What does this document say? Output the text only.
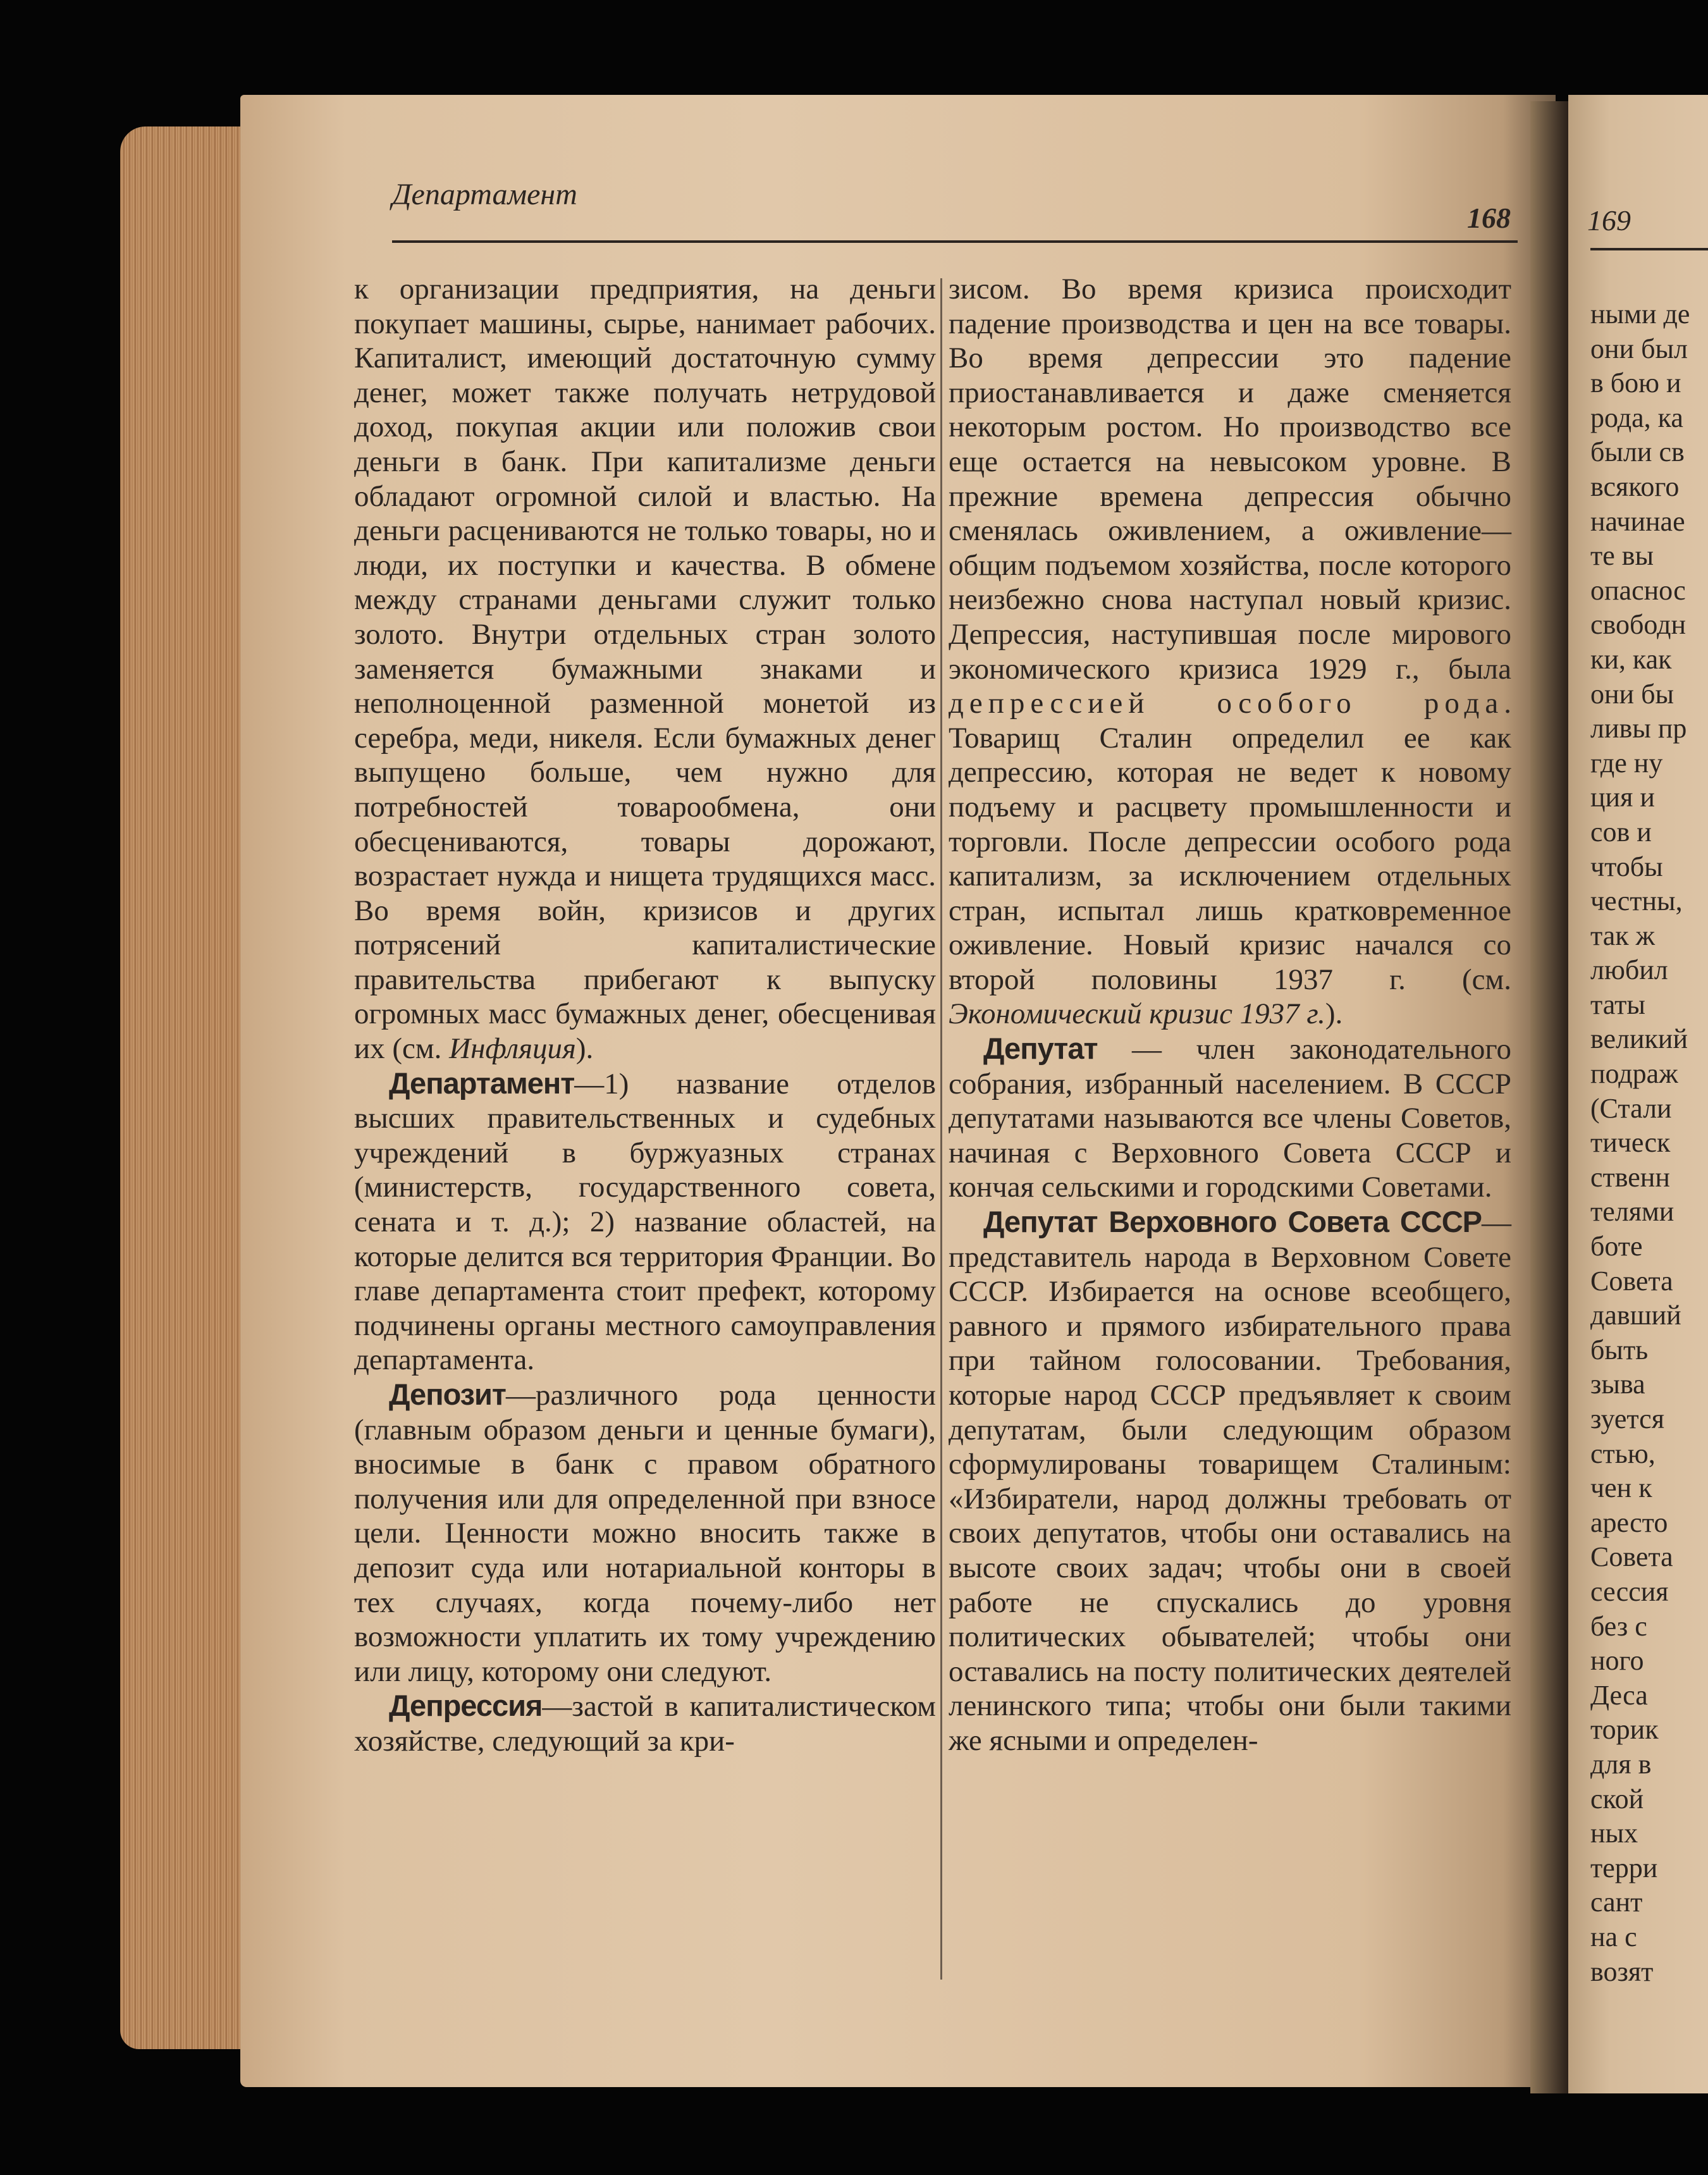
Департамент
168	169

к организации предприятия, на деньги покупает машины, сырье, нанимает рабочих. Капиталист, имеющий достаточную сумму денег, может также получать нетрудовой доход, покупая акции или положив свои деньги в банк. При капитализме деньги обладают огромной силой и властью. На деньги расцениваются не только товары, но и люди, их поступки и качества. В обмене между странами деньгами служит только золото. Внутри отдельных стран золото заменяется бумажными знаками и неполноценной разменной монетой из серебра, меди, никеля. Если бумажных денег выпущено больше, чем нужно для потребностей товарообмена, они обесцениваются, товары дорожают, возрастает нужда и нищета трудящихся масс. Во время войн, кризисов и других потрясений капиталистические правительства прибегают к выпуску огромных масс бумажных денег, обесценивая их (см. Инфляция).

Департамент—1) название отделов высших правительственных и судебных учреждений в буржуазных странах (министерств, государственного совета, сената и т. д.); 2) название областей, на которые делится вся территория Франции. Во главе департамента стоит префект, которому подчинены органы местного самоуправления департамента.

Депозит—различного рода ценности (главным образом деньги и ценные бумаги), вносимые в банк с правом обратного получения или для определенной при взносе цели. Ценности можно вносить также в депозит суда или нотариальной конторы в тех случаях, когда почему-либо нет возможности уплатить их тому учреждению или лицу, которому они следуют.

Депрессия—застой в капиталистическом хозяйстве, следующий за кри-

зисом. Во время кризиса происходит падение производства и цен на все товары. Во время депрессии это падение приостанавливается и даже сменяется некоторым ростом. Но производство все еще остается на невысоком уровне. В прежние времена депрессия обычно сменялась оживлением, а оживление—общим подъемом хозяйства, после которого неизбежно снова наступал новый кризис. Депрессия, наступившая после мирового экономического кризиса 1929 г., была депрессией особого рода. Товарищ Сталин определил ее как депрессию, которая не ведет к новому подъему и расцвету промышленности и торговли. После депрессии особого рода капитализм, за исключением отдельных стран, испытал лишь кратковременное оживление. Новый кризис начался со второй половины 1937 г. (см. Экономический кризис 1937 г.).

Депутат — член законодательного собрания, избранный населением. В СССР депутатами называются все члены Советов, начиная с Верховного Совета СССР и кончая сельскими и городскими Советами.

Депутат Верховного Совета СССР—представитель народа в Верховном Совете СССР. Избирается на основе всеобщего, равного и прямого избирательного права при тайном голосовании. Требования, которые народ СССР предъявляет к своим депутатам, были следующим образом сформулированы товарищем Сталиным: «Избиратели, народ должны требовать от своих депутатов, чтобы они оставались на высоте своих задач; чтобы они в своей работе не спускались до уровня политических обывателей; чтобы они оставались на посту политических деятелей ленинского типа; чтобы они были такими же ясными и определен-

ными де
они был
в бою и
рода, ка
были св
всякого
начинае
те вы
опаснос
свободн
ки, как
они бы
ливы пр
где ну
ция и
сов и
чтобы
честны,
так ж
любил
таты
великий
подраж
(Стали
тическ
ственн
телями
боте
Совета
давший
быть
зыва
зуется
стью,
чен к
аресто
Совета
сессия
без с
ного
Деса
торик
для в
ской
ных
терри
сант
на с
возят
